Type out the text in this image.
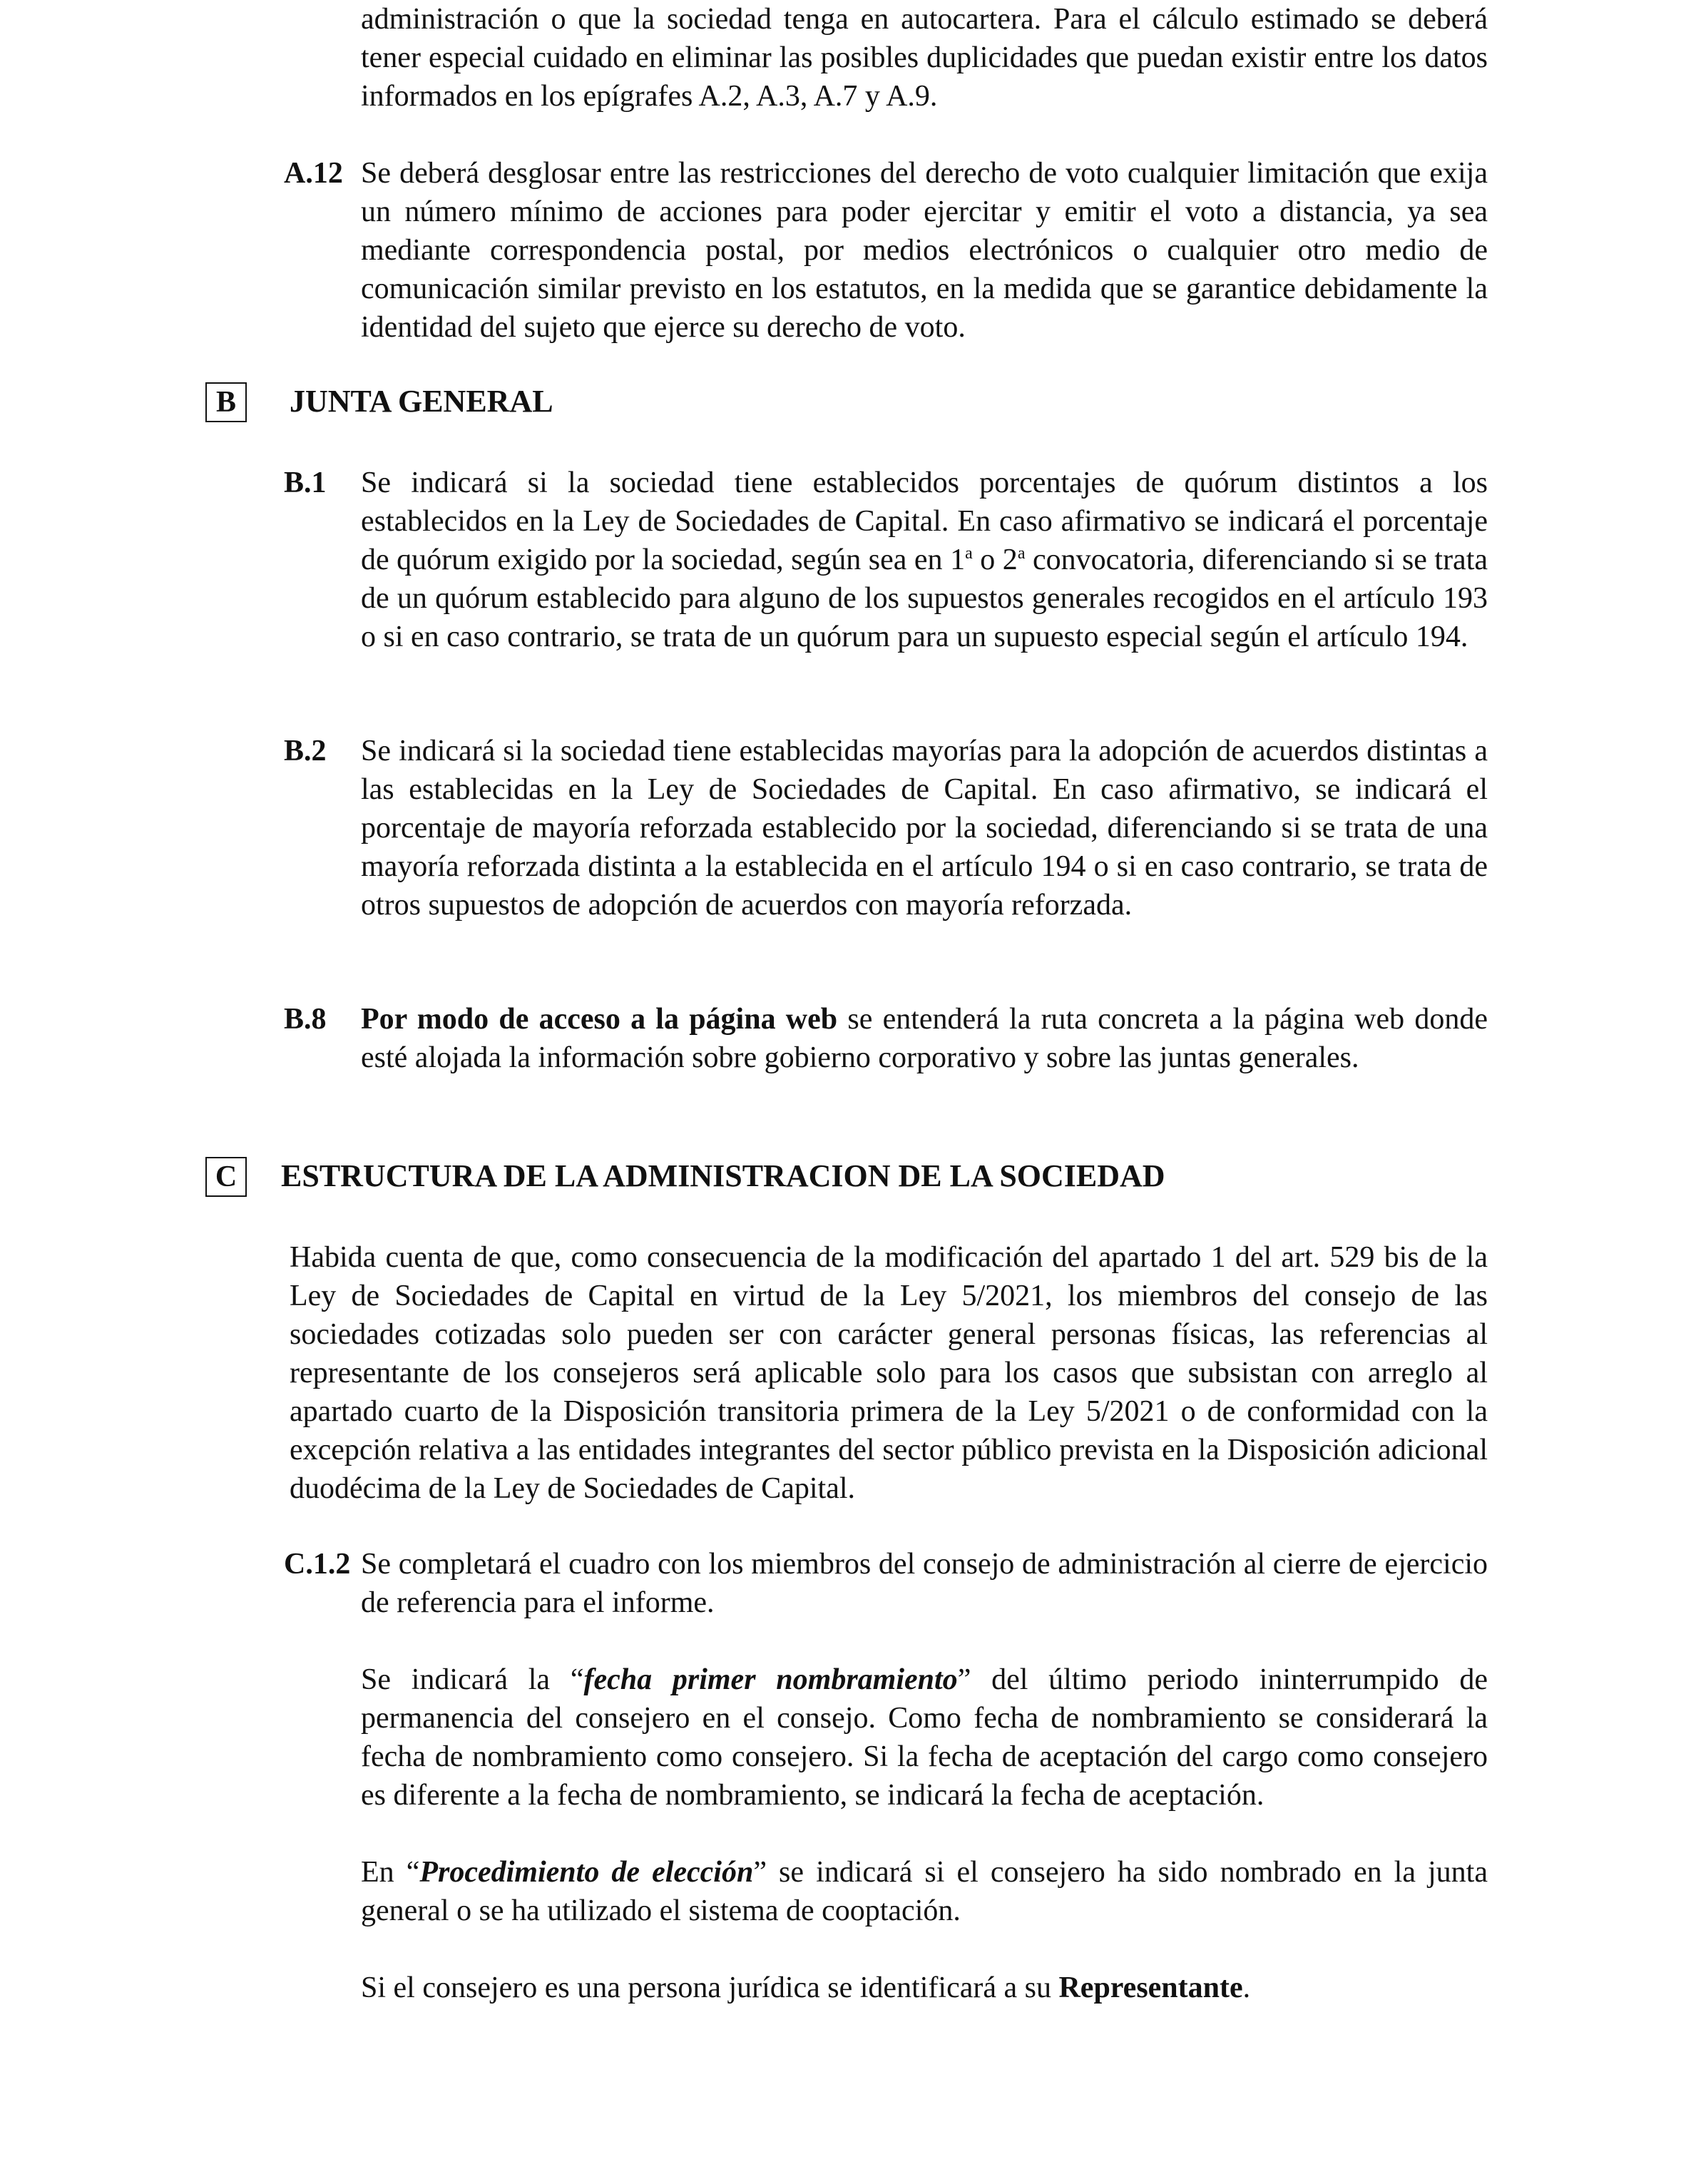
administración o que la sociedad tenga en autocartera. Para el cálculo estimado se deberá tener especial cuidado en eliminar las posibles duplicidades que puedan existir entre los datos informados en los epígrafes A.2, A.3, A.7 y A.9.
A.12 Se deberá desglosar entre las restricciones del derecho de voto cualquier limitación que exija un número mínimo de acciones para poder ejercitar y emitir el voto a distancia, ya sea mediante correspondencia postal, por medios electrónicos o cualquier otro medio de comunicación similar previsto en los estatutos, en la medida que se garantice debidamente la identidad del sujeto que ejerce su derecho de voto.
B	JUNTA GENERAL
B.1 Se indicará si la sociedad tiene establecidos porcentajes de quórum distintos a los establecidos en la Ley de Sociedades de Capital. En caso afirmativo se indicará el porcentaje de quórum exigido por la sociedad, según sea en 1$^a$ o 2$^a$ convocatoria, diferenciando si se trata de un quórum establecido para alguno de los supuestos generales recogidos en el artículo 193 o si en caso contrario, se trata de un quórum para un supuesto especial según el artículo 194.
B.2 Se indicará si la sociedad tiene establecidas mayorías para la adopción de acuerdos distintas a las establecidas en la Ley de Sociedades de Capital. En caso afirmativo, se indicará el porcentaje de mayoría reforzada establecido por la sociedad, diferenciando si se trata de una mayoría reforzada distinta a la establecida en el artículo 194 o si en caso contrario, se trata de otros supuestos de adopción de acuerdos con mayoría reforzada.
B.8 Por modo de acceso a la página web se entenderá la ruta concreta a la página web donde esté alojada la información sobre gobierno corporativo y sobre las juntas generales.
C	ESTRUCTURA DE LA ADMINISTRACION DE LA SOCIEDAD
Habida cuenta de que, como consecuencia de la modificación del apartado 1 del art. 529 bis de la Ley de Sociedades de Capital en virtud de la Ley 5/2021, los miembros del consejo de las sociedades cotizadas solo pueden ser con carácter general personas físicas, las referencias al representante de los consejeros será aplicable solo para los casos que subsistan con arreglo al apartado cuarto de la Disposición transitoria primera de la Ley 5/2021 o de conformidad con la excepción relativa a las entidades integrantes del sector público prevista en la Disposición adicional duodécima de la Ley de Sociedades de Capital.
C.1.2 Se completará el cuadro con los miembros del consejo de administración al cierre de ejercicio de referencia para el informe.

Se indicará la “fecha primer nombramiento” del último periodo ininterrumpido de permanencia del consejero en el consejo. Como fecha de nombramiento se considerará la fecha de nombramiento como consejero. Si la fecha de aceptación del cargo como consejero es diferente a la fecha de nombramiento, se indicará la fecha de aceptación.

En “Procedimiento de elección” se indicará si el consejero ha sido nombrado en la junta general o se ha utilizado el sistema de cooptación.

Si el consejero es una persona jurídica se identificará a su Representante.
